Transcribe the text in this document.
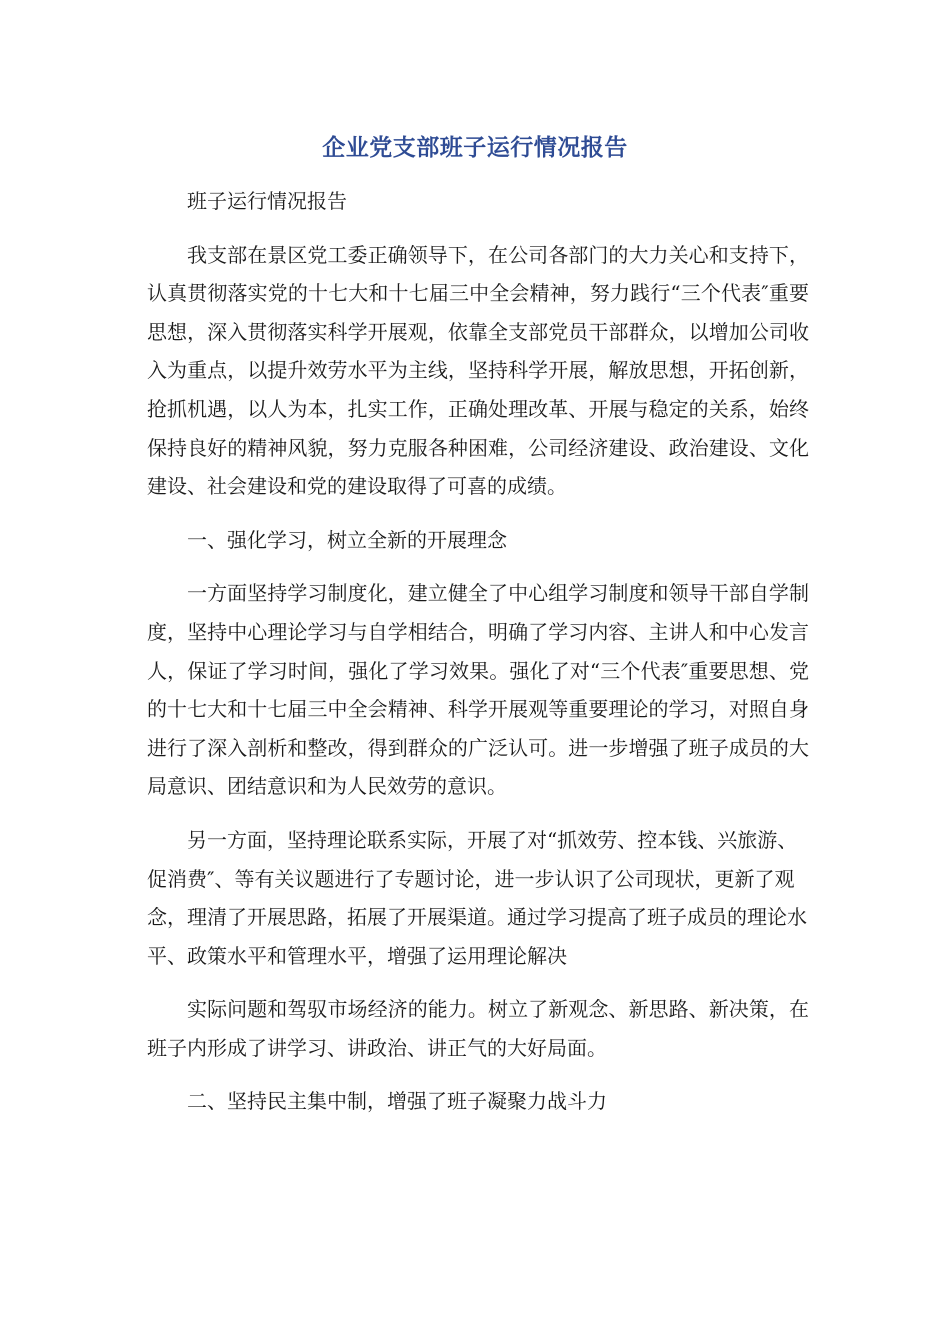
企业党支部班子运行情况报告

班子运行情况报告

我支部在景区党工委正确领导下，在公司各部门的大力关心和支持下，认真贯彻落实党的十七大和十七届三中全会精神，努力践行“三个代表″重要思想，深入贯彻落实科学开展观，依靠全支部党员干部群众，以增加公司收入为重点，以提升效劳水平为主线，坚持科学开展，解放思想，开拓创新，抢抓机遇，以人为本，扎实工作，正确处理改革、开展与稳定的关系，始终保持良好的精神风貌，努力克服各种困难，公司经济建设、政治建设、文化建设、社会建设和党的建设取得了可喜的成绩。

一、强化学习，树立全新的开展理念

一方面坚持学习制度化，建立健全了中心组学习制度和领导干部自学制度，坚持中心理论学习与自学相结合，明确了学习内容、主讲人和中心发言人，保证了学习时间，强化了学习效果。强化了对“三个代表″重要思想、党的十七大和十七届三中全会精神、科学开展观等重要理论的学习，对照自身进行了深入剖析和整改，得到群众的广泛认可。进一步增强了班子成员的大局意识、团结意识和为人民效劳的意识。

另一方面，坚持理论联系实际，开展了对“抓效劳、控本钱、兴旅游、促消费″、等有关议题进行了专题讨论，进一步认识了公司现状，更新了观念，理清了开展思路，拓展了开展渠道。通过学习提高了班子成员的理论水平、政策水平和管理水平，增强了运用理论解决

实际问题和驾驭市场经济的能力。树立了新观念、新思路、新决策，在班子内形成了讲学习、讲政治、讲正气的大好局面。

二、坚持民主集中制，增强了班子凝聚力战斗力
